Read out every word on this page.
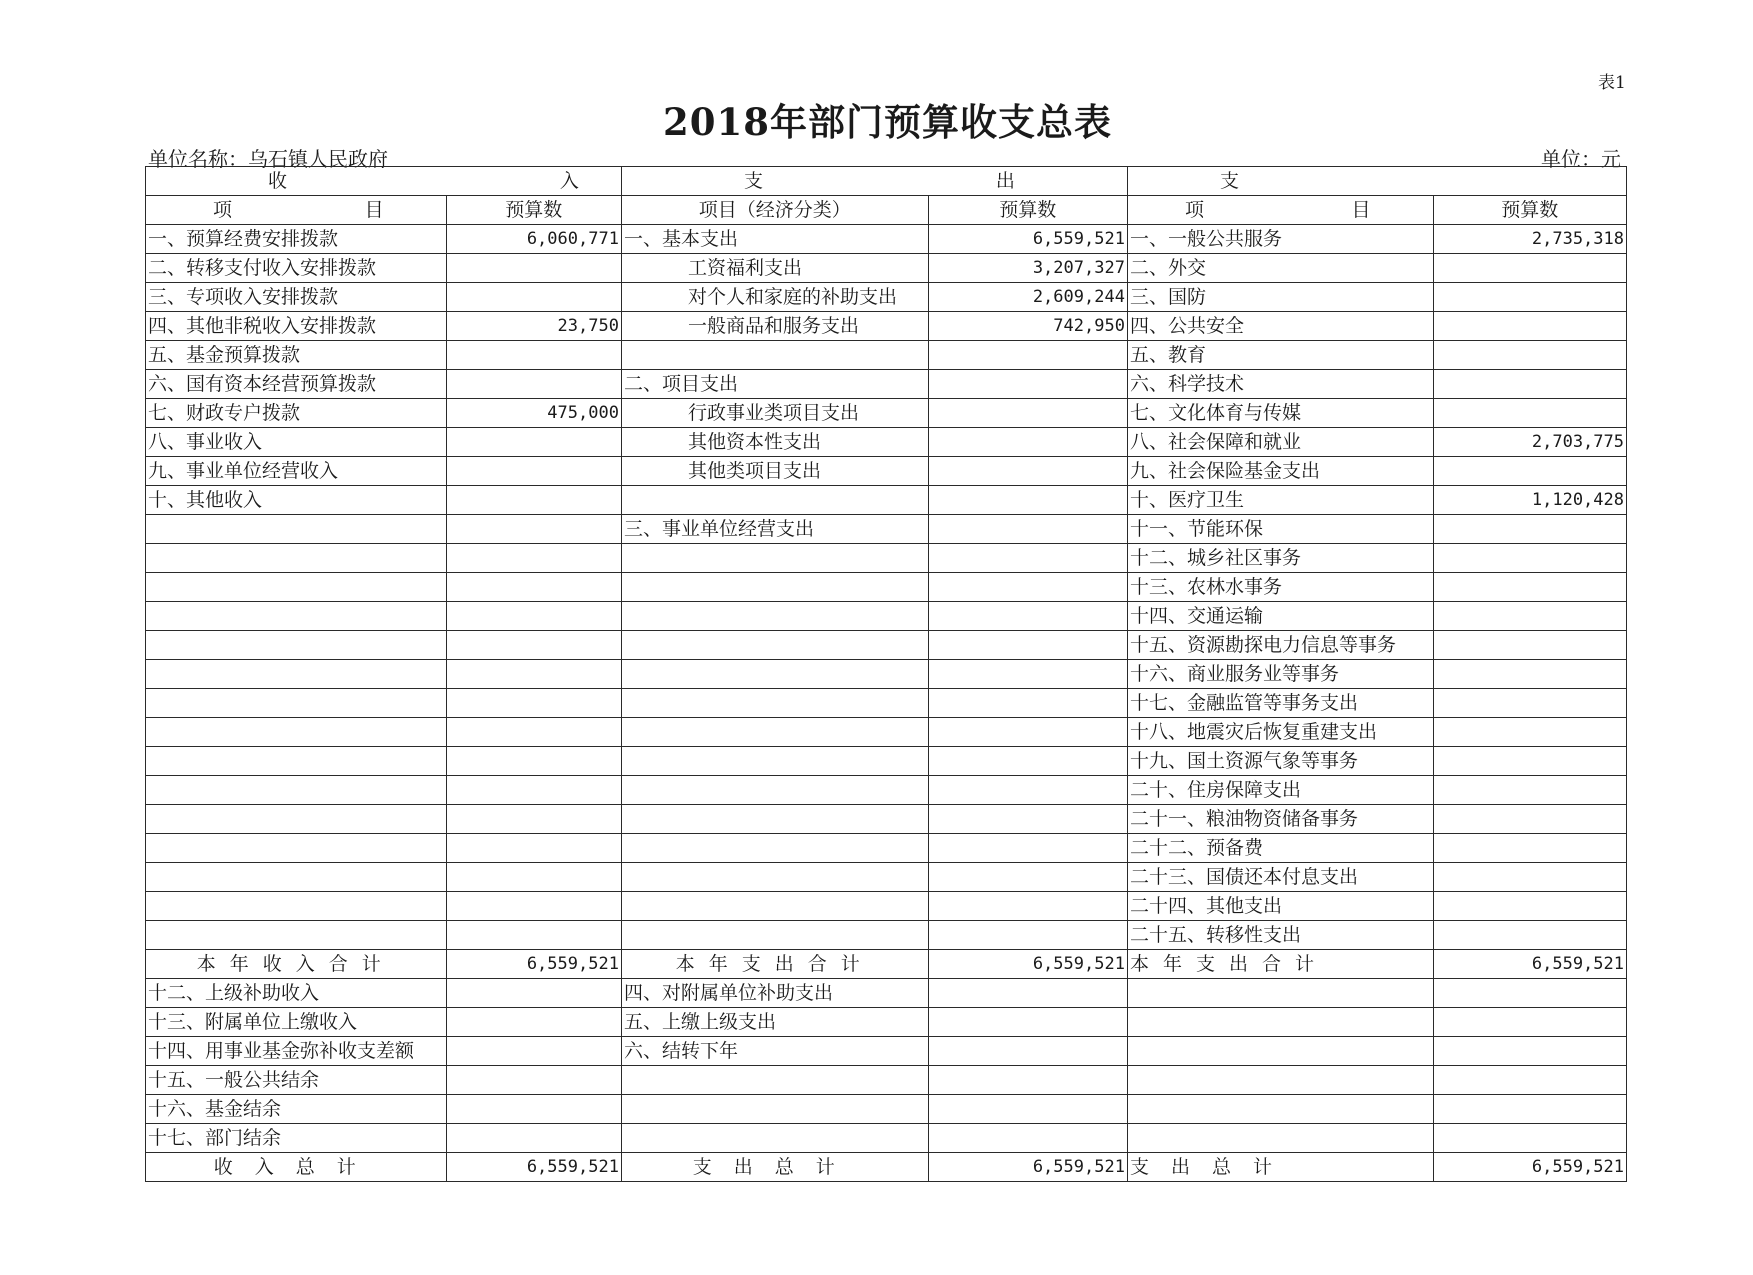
表1
2018年部门预算收支总表
单位名称：乌石镇人民政府	单位：元
收 入		支 出		支	

项 目	预算数	项目（经济分类）	预算数	项 目	预算数
一、预算经费安排拨款	6,060,771	一、基本支出	6,559,521	一、一般公共服务	2,735,318
二、转移支付收入安排拨款		工资福利支出	3,207,327	二、外交	
三、专项收入安排拨款		对个人和家庭的补助支出	2,609,244	三、国防	
四、其他非税收入安排拨款	23,750	一般商品和服务支出	742,950	四、公共安全	
五、基金预算拨款				五、教育	
六、国有资本经营预算拨款		二、项目支出		六、科学技术	
七、财政专户拨款	475,000	行政事业类项目支出		七、文化体育与传媒	
八、事业收入		其他资本性支出		八、社会保障和就业	2,703,775
九、事业单位经营收入		其他类项目支出		九、社会保险基金支出	
十、其他收入				十、医疗卫生	1,120,428
		三、事业单位经营支出		十一、节能环保	
				十二、城乡社区事务	
				十三、农林水事务	
				十四、交通运输	
				十五、资源勘探电力信息等事务	
				十六、商业服务业等事务	
				十七、金融监管等事务支出	
				十八、地震灾后恢复重建支出	
				十九、国土资源气象等事务	
				二十、住房保障支出	
				二十一、粮油物资储备事务	
				二十二、预备费	
				二十三、国债还本付息支出	
				二十四、其他支出	
				二十五、转移性支出	
本年收入合计	6,559,521	本年支出合计	6,559,521	本年支出合计	6,559,521
十二、上级补助收入		四、对附属单位补助支出			
十三、附属单位上缴收入		五、上缴上级支出			
十四、用事业基金弥补收支差额		六、结转下年			
十五、一般公共结余					
十六、基金结余					
十七、部门结余					
收入总计	6,559,521	支出总计	6,559,521	支出总计	6,559,521
